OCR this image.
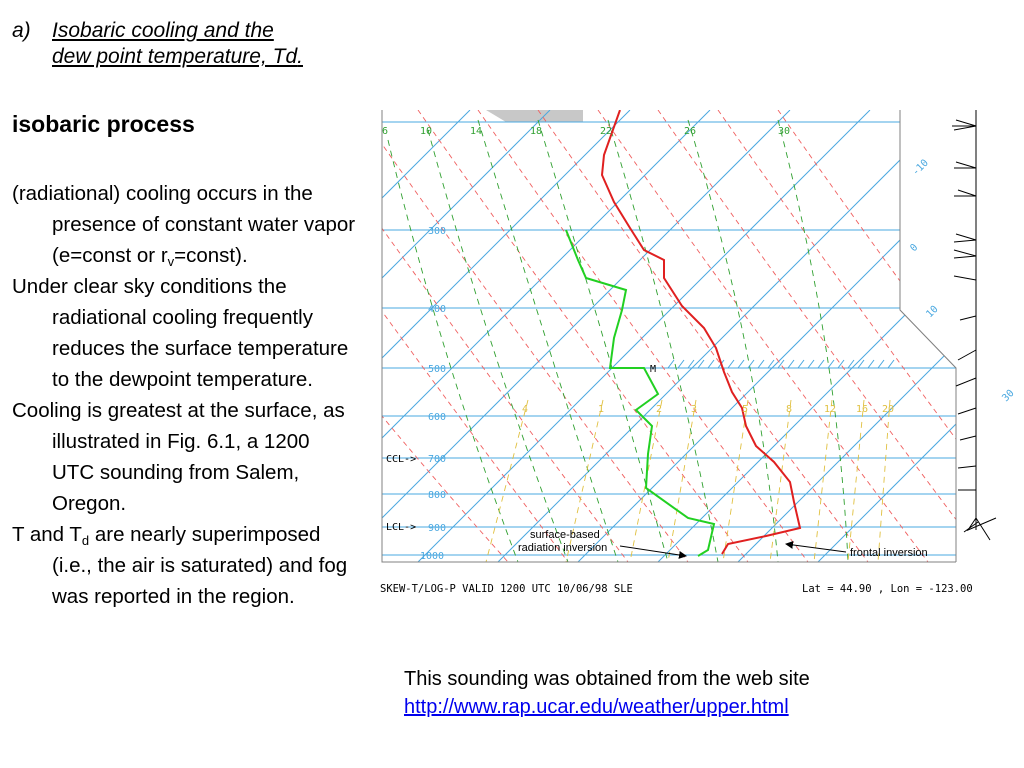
a) Isobaric cooling and the
dew point temperature, Td.
isobaric process

(radiational) cooling occurs in the presence of constant water vapor (e=const or $r_v=const$).

Under clear sky conditions the radiational cooling frequently reduces the surface temperature to the dewpoint temperature.

Cooling is greatest at the surface, as illustrated in Fig. 6.1, a 1200 UTC sounding from Salem, Oregon.

T and $T_d$ are nearly superimposed (i.e., the air is saturated) and fog was reported in the region.

6	10	14	18	22	26	30
300
400
500
600
700
800
900
1000
4	1	2	3	5	8	12 16 20
-10
0
10
30
CCL->
LCL->
M
surface-based
radiation inversion	frontal inversion
SKEW-T/LOG-P VALID 1200 UTC 10/06/98 SLE	Lat = 44.90 , Lon = -123.00
This sounding was obtained from the web site
http://www.rap.ucar.edu/weather/upper.html
